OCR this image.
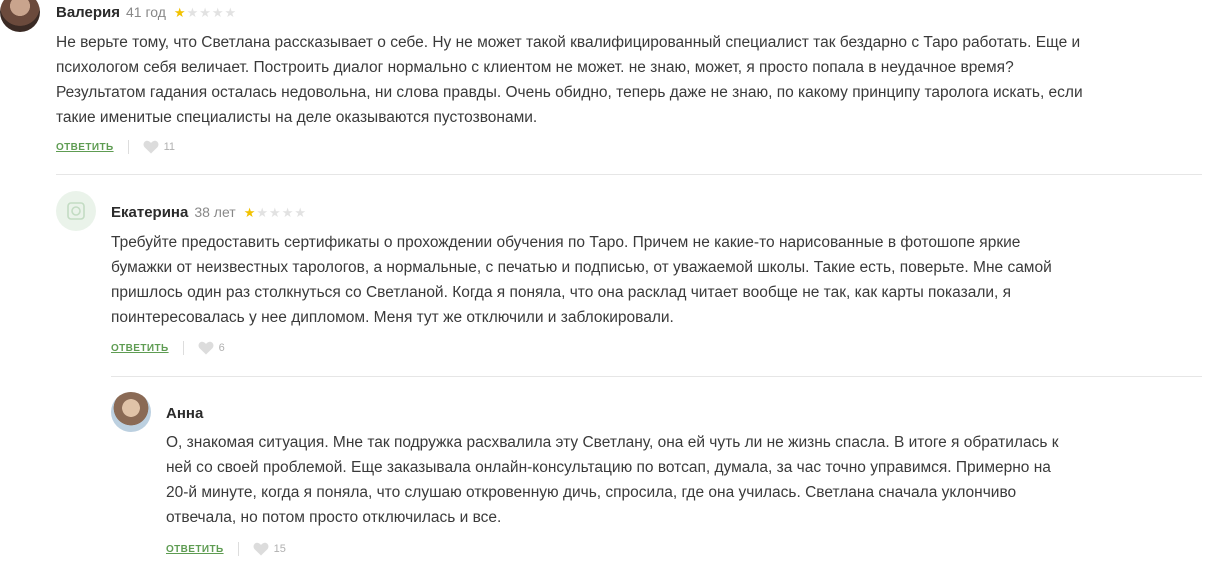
Валерия 41 год ★ ★ ★ ★ ★

Не верьте тому, что Светлана рассказывает о себе. Ну не может такой квалифицированный специалист так бездарно с Таро работать. Еще и
психологом себя величает. Построить диалог нормально с клиентом не может. не знаю, может, я просто попала в неудачное время?
Результатом гадания осталась недовольна, ни слова правды. Очень обидно, теперь даже не знаю, по какому принципу таролога искать, если
такие именитые специалисты на деле оказываются пустозвонами.

ОТВЕТИТЬ	11
Екатерина 38 лет ★ ★ ★ ★ ★

Требуйте предоставить сертификаты о прохождении обучения по Таро. Причем не какие-то нарисованные в фотошопе яркие
бумажки от неизвестных тарологов, а нормальные, с печатью и подписью, от уважаемой школы. Такие есть, поверьте. Мне самой
пришлось один раз столкнуться со Светланой. Когда я поняла, что она расклад читает вообще не так, как карты показали, я
поинтересовалась у нее дипломом. Меня тут же отключили и заблокировали.

ОТВЕТИТЬ	6
Анна

О, знакомая ситуация. Мне так подружка расхвалила эту Светлану, она ей чуть ли не жизнь спасла. В итоге я обратилась к
ней со своей проблемой. Еще заказывала онлайн-консультацию по вотсап, думала, за час точно управимся. Примерно на
20-й минуте, когда я поняла, что слушаю откровенную дичь, спросила, где она училась. Светлана сначала уклончиво
отвечала, но потом просто отключилась и все.

ОТВЕТИТЬ	15
